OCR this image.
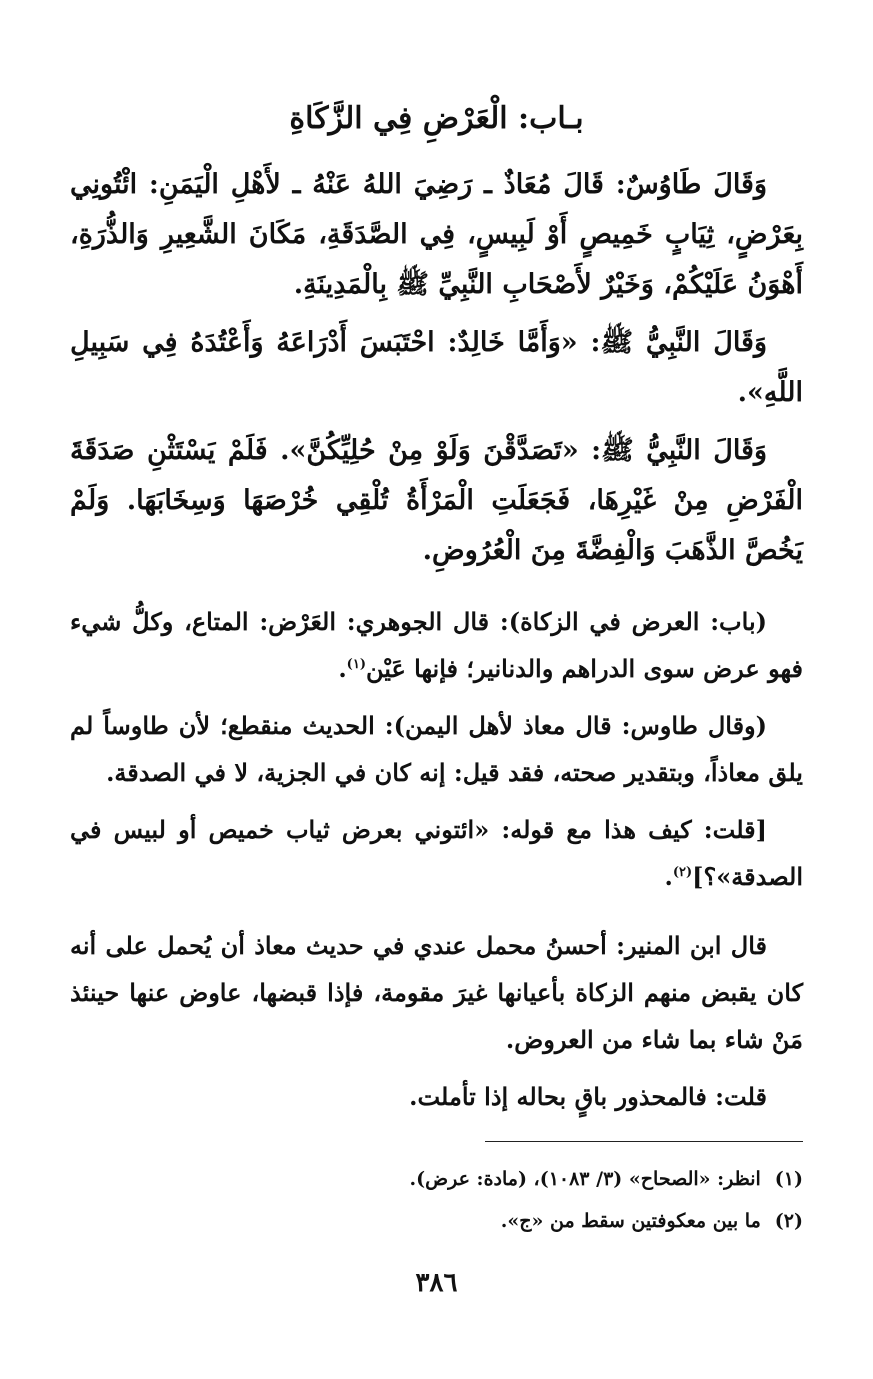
بـاب: الْعَرْضِ فِي الزَّكَاةِ

وَقَالَ طَاوُسٌ: قَالَ مُعَاذٌ ـ رَضِيَ اللهُ عَنْهُ ـ لأَهْلِ الْيَمَنِ: ائْتُونِي بِعَرْضٍ، ثِيَابٍ خَمِيصٍ أَوْ لَبِيسٍ، فِي الصَّدَقَةِ، مَكَانَ الشَّعِيرِ وَالذُّرَةِ، أَهْوَنُ عَلَيْكُمْ، وَخَيْرٌ لأَصْحَابِ النَّبِيِّ ﷺ بِالْمَدِينَةِ.

وَقَالَ النَّبِيُّ ﷺ: «وَأَمَّا خَالِدٌ: احْتَبَسَ أَدْرَاعَهُ وَأَعْتُدَهُ فِي سَبِيلِ اللَّهِ».

وَقَالَ النَّبِيُّ ﷺ: «تَصَدَّقْنَ وَلَوْ مِنْ حُلِيِّكُنَّ». فَلَمْ يَسْتَثْنِ صَدَقَةَ الْفَرْضِ مِنْ غَيْرِهَا، فَجَعَلَتِ الْمَرْأَةُ تُلْقِي خُرْصَهَا وَسِخَابَهَا. وَلَمْ يَخُصَّ الذَّهَبَ وَالْفِضَّةَ مِنَ الْعُرُوضِ.

(باب: العرض في الزكاة): قال الجوهري: العَرْض: المتاع، وكلُّ شيء فهو عرض سوى الدراهم والدنانير؛ فإنها عَيْن$^{(١)}$.

(وقال طاوس: قال معاذ لأهل اليمن): الحديث منقطع؛ لأن طاوساً لم يلق معاذاً، وبتقدير صحته، فقد قيل: إنه كان في الجزية، لا في الصدقة.

[قلت: كيف هذا مع قوله: «ائتوني بعرض ثياب خميص أو لبيس في الصدقة»؟]$^{(٢)}$.

قال ابن المنير: أحسنُ محمل عندي في حديث معاذ أن يُحمل على أنه كان يقبض منهم الزكاة بأعيانها غيرَ مقومة، فإذا قبضها، عاوض عنها حينئذ مَنْ شاء بما شاء من العروض.

قلت: فالمحذور باقٍ بحاله إذا تأملت.

(١)انظر: «الصحاح» (٣/ ١٠٨٣)، (مادة: عرض).

(٢)ما بين معكوفتين سقط من «ج».

٣٨٦
